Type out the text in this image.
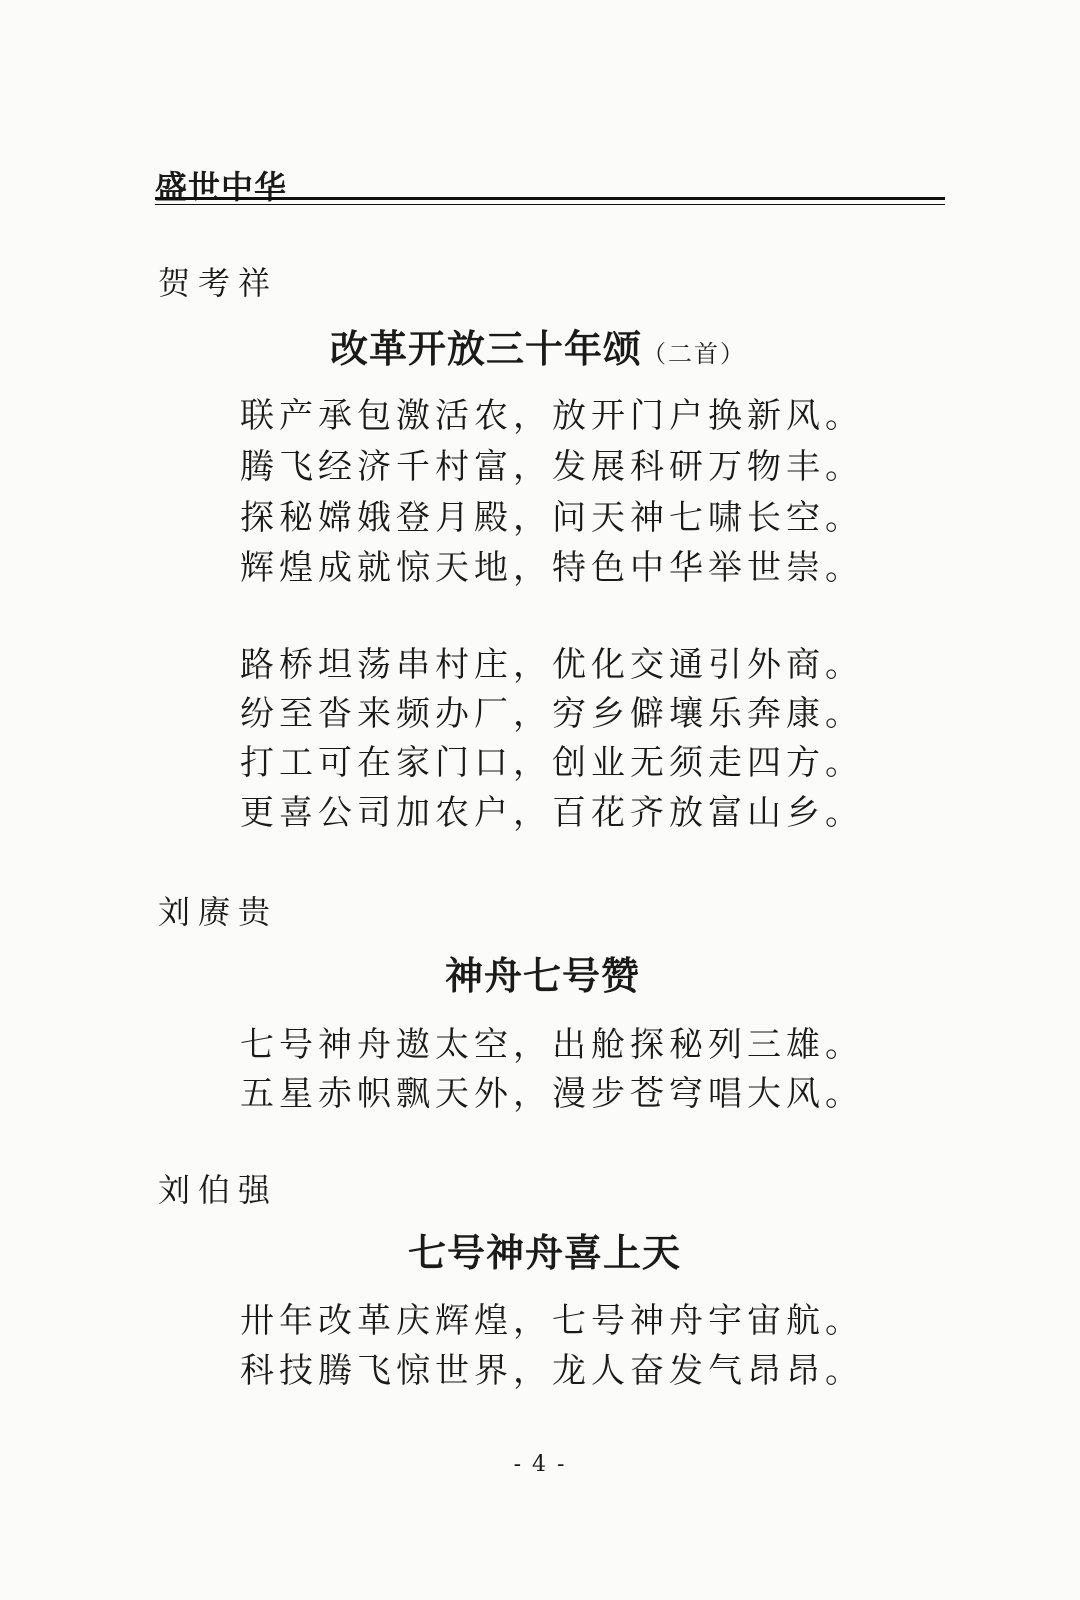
盛世中华
贺考祥
改革开放三十年颂（二首）
联产承包激活农，放开门户换新风。
腾飞经济千村富，发展科研万物丰。
探秘嫦娥登月殿，问天神七啸长空。
辉煌成就惊天地，特色中华举世崇。
路桥坦荡串村庄，优化交通引外商。
纷至沓来频办厂，穷乡僻壤乐奔康。
打工可在家门口，创业无须走四方。
更喜公司加农户，百花齐放富山乡。
刘赓贵
神舟七号赞
七号神舟遨太空，出舱探秘列三雄。
五星赤帜飘天外，漫步苍穹唱大风。
刘伯强
七号神舟喜上天
卅年改革庆辉煌，七号神舟宇宙航。
科技腾飞惊世界，龙人奋发气昂昂。
- 4 -
